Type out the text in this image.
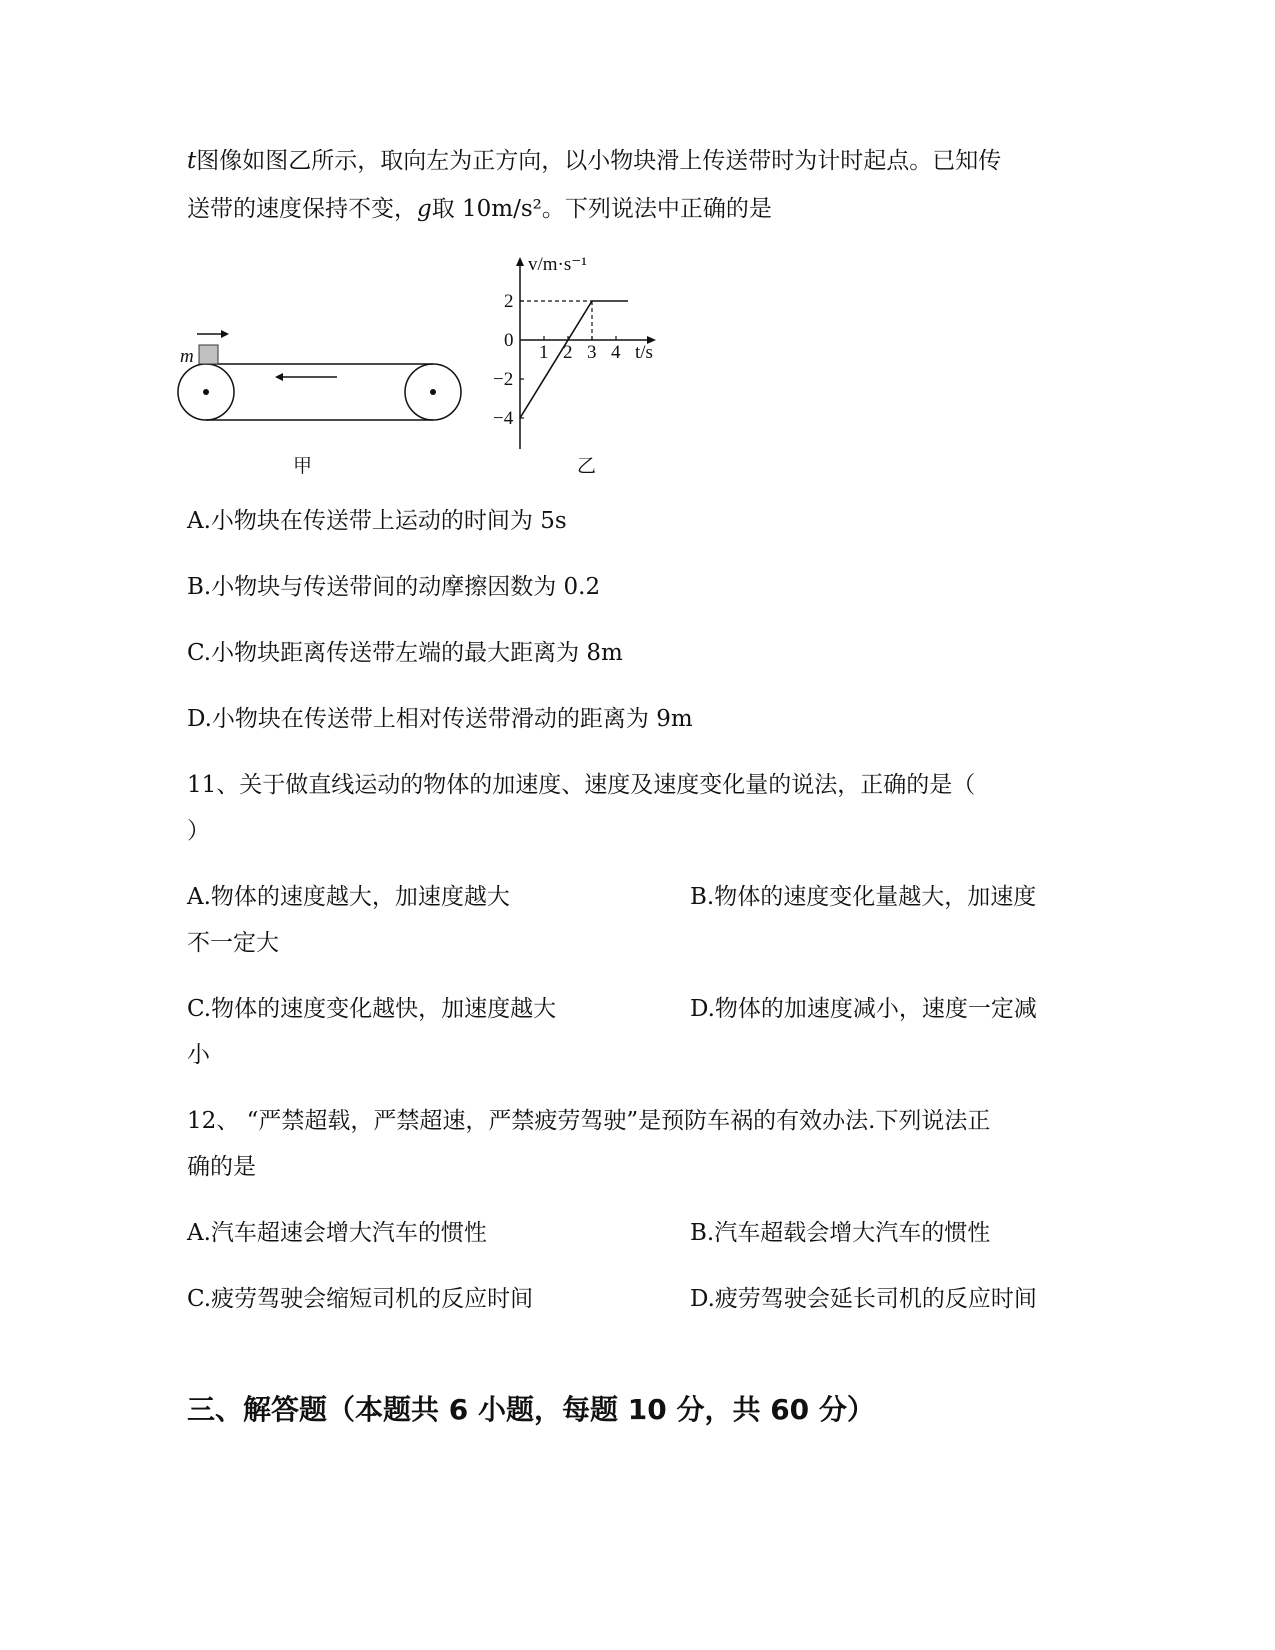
t图像如图乙所示，取向左为正方向，以小物块滑上传送带时为计时起点。已知传
送带的速度保持不变，g取 10m/s²。下列说法中正确的是
m
甲
v/m·s⁻¹
t/s
1 2 3 4
2
0
−2
−4
乙
A.小物块在传送带上运动的时间为 5s
B.小物块与传送带间的动摩擦因数为 0.2
C.小物块距离传送带左端的最大距离为 8m
D.小物块在传送带上相对传送带滑动的距离为 9m
11、关于做直线运动的物体的加速度、速度及速度变化量的说法，正确的是（
）
A.物体的速度越大，加速度越大	B.物体的速度变化量越大，加速度
不一定大
C.物体的速度变化越快，加速度越大	D.物体的加速度减小，速度一定减
小
12、 “严禁超载，严禁超速，严禁疲劳驾驶”是预防车祸的有效办法.下列说法正
确的是
A.汽车超速会增大汽车的惯性	B.汽车超载会增大汽车的惯性
C.疲劳驾驶会缩短司机的反应时间	D.疲劳驾驶会延长司机的反应时间
三、解答题（本题共 6 小题，每题 10 分，共 60 分）
